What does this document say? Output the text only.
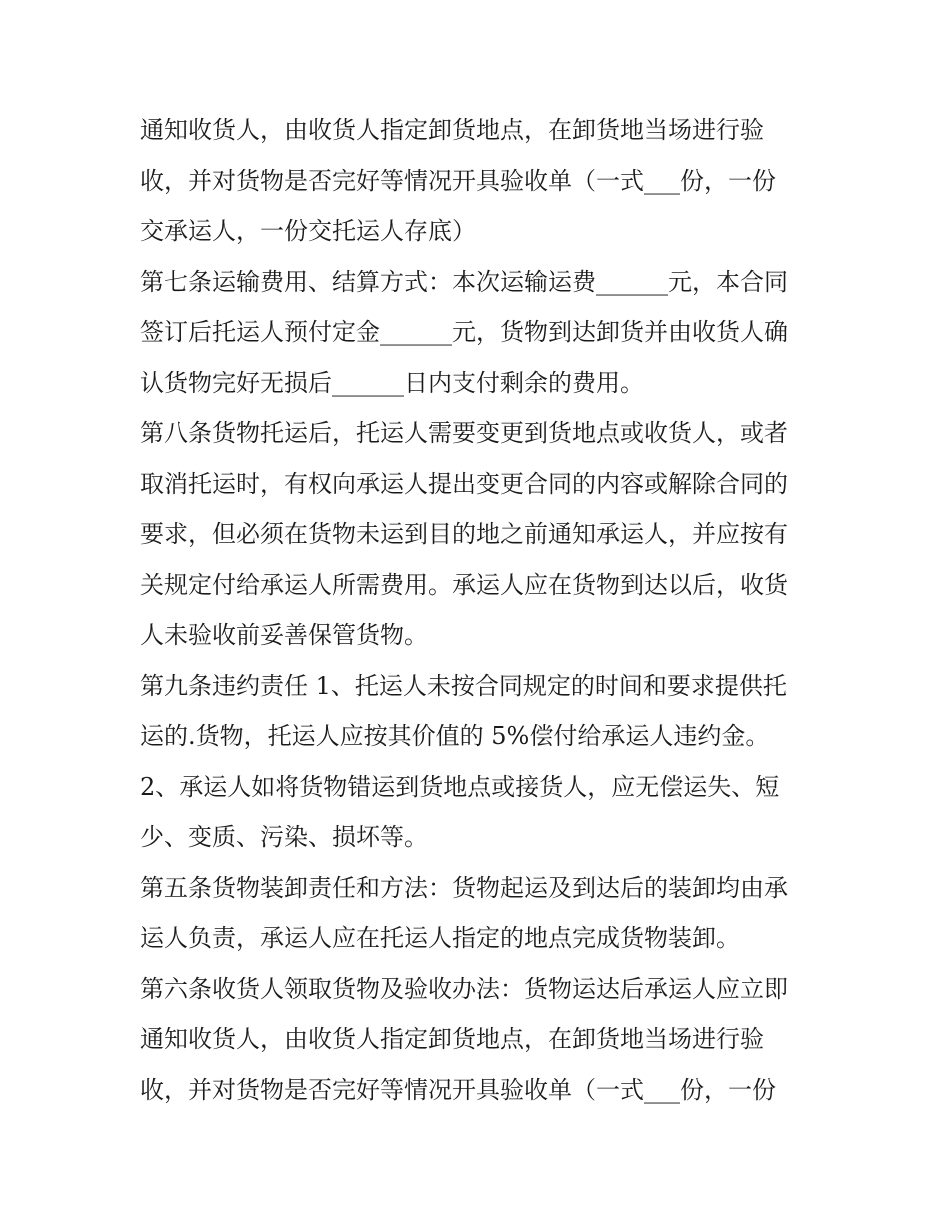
通知收货人，由收货人指定卸货地点，在卸货地当场进行验
收，并对货物是否完好等情况开具验收单（一式___份，一份
交承运人，一份交托运人存底）
第七条运输费用、结算方式：本次运输运费______元，本合同
签订后托运人预付定金______元，货物到达卸货并由收货人确
认货物完好无损后______日内支付剩余的费用。
第八条货物托运后，托运人需要变更到货地点或收货人，或者
取消托运时，有权向承运人提出变更合同的内容或解除合同的
要求，但必须在货物未运到目的地之前通知承运人，并应按有
关规定付给承运人所需费用。承运人应在货物到达以后，收货
人未验收前妥善保管货物。
第九条违约责任 1、托运人未按合同规定的时间和要求提供托
运的.货物，托运人应按其价值的 5%偿付给承运人违约金。
2、承运人如将货物错运到货地点或接货人，应无偿运失、短
少、变质、污染、损坏等。
第五条货物装卸责任和方法：货物起运及到达后的装卸均由承
运人负责，承运人应在托运人指定的地点完成货物装卸。
第六条收货人领取货物及验收办法：货物运达后承运人应立即
通知收货人，由收货人指定卸货地点，在卸货地当场进行验
收，并对货物是否完好等情况开具验收单（一式___份，一份
